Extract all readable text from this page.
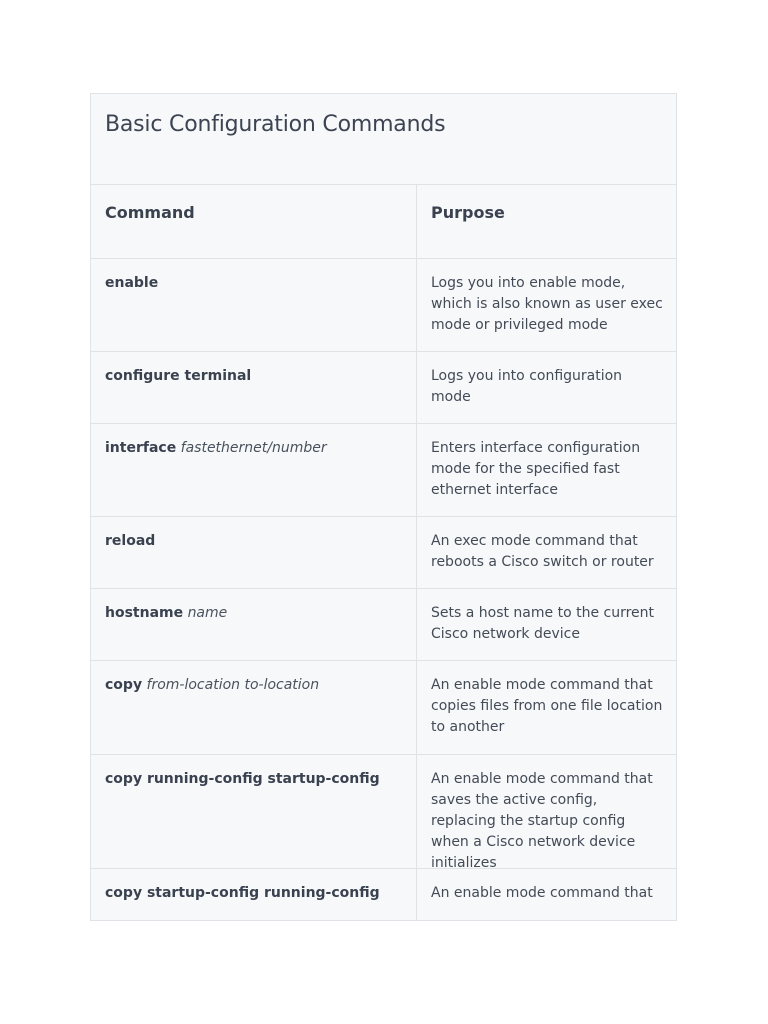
Basic Configuration Commands
Command	Purpose
enable	Logs you into enable mode, which is also known as user exec mode or privileged mode
configure terminal	Logs you into configuration mode
interface fastethernet/number	Enters interface configuration mode for the specified fast ethernet interface
reload	An exec mode command that reboots a Cisco switch or router
hostname name	Sets a host name to the current Cisco network device
copy from-location to-location	An enable mode command that copies files from one file location to another
copy running-config startup-config	An enable mode command that saves the active config, replacing the startup config when a Cisco network device initializes
copy startup-config running-config	An enable mode command that
